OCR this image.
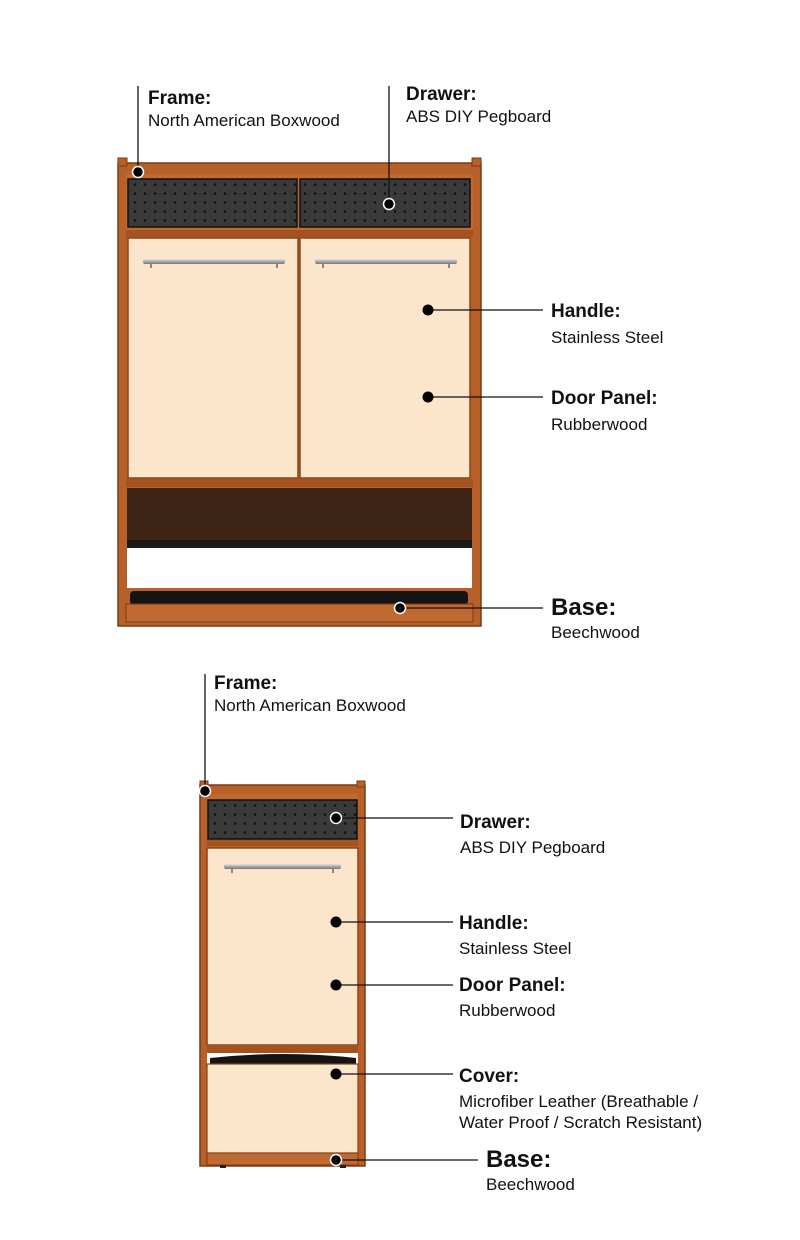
Frame:
North American Boxwood
Drawer:
ABS DIY Pegboard
Handle:
Stainless Steel
Door Panel:
Rubberwood
Base:
Beechwood
Frame:
North American Boxwood
Drawer:
ABS DIY Pegboard
Handle:
Stainless Steel
Door Panel:
Rubberwood
Cover:
Microfiber Leather (Breathable /
Water Proof / Scratch Resistant)
Base:
Beechwood
